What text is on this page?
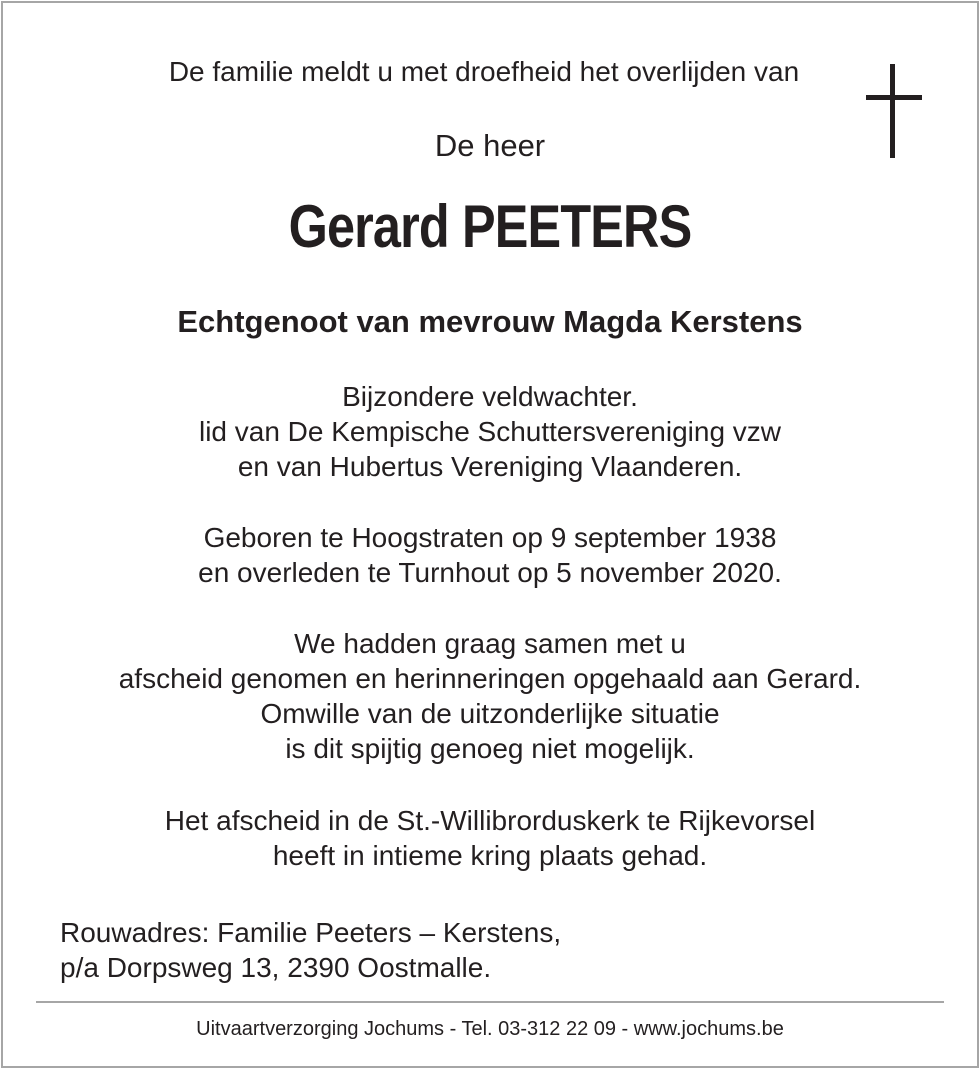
De familie meldt u met droefheid het overlijden van
De heer
Gerard PEETERS
Echtgenoot van mevrouw Magda Kerstens
Bijzondere veldwachter.
lid van De Kempische Schuttersvereniging vzw
en van Hubertus Vereniging Vlaanderen.
Geboren te Hoogstraten op 9 september 1938
en overleden te Turnhout op 5 november 2020.
We hadden graag samen met u
afscheid genomen en herinneringen opgehaald aan Gerard.
Omwille van de uitzonderlijke situatie
is dit spijtig genoeg niet mogelijk.
Het afscheid in de St.-Willibrorduskerk te Rijkevorsel
heeft in intieme kring plaats gehad.
Rouwadres: Familie Peeters – Kerstens,
p/a Dorpsweg 13, 2390 Oostmalle.
Uitvaartverzorging Jochums - Tel. 03-312 22 09 - www.jochums.be
